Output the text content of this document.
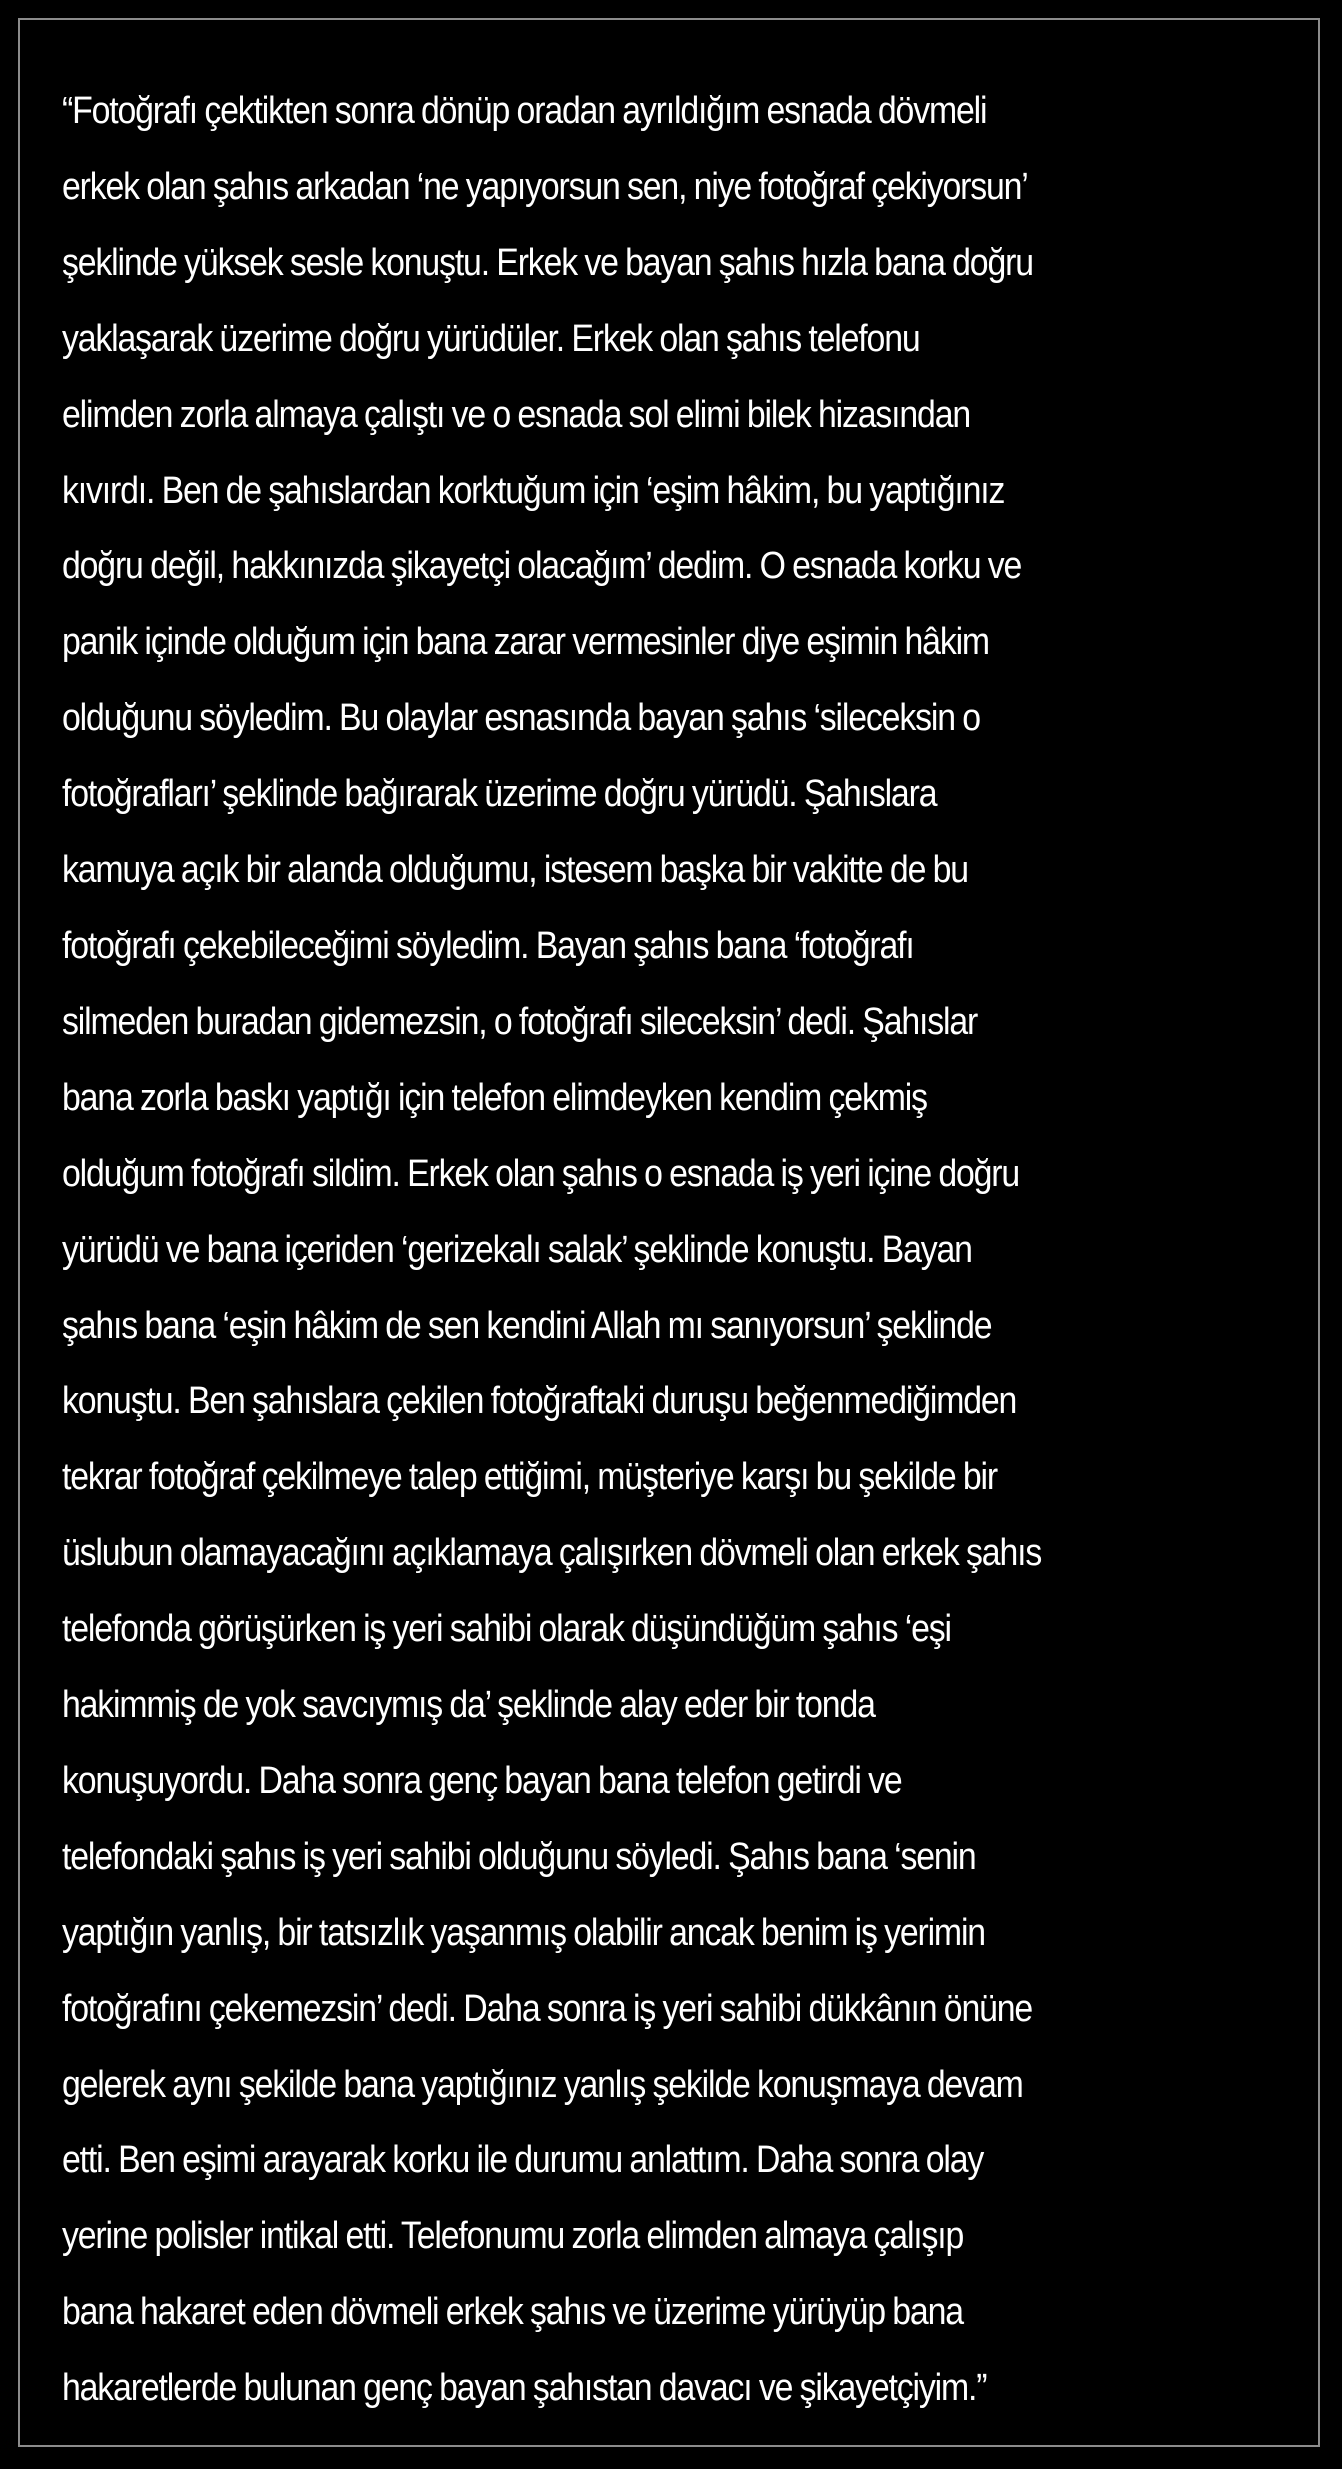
“Fotoğrafı çektikten sonra dönüp oradan ayrıldığım esnada dövmeli
erkek olan şahıs arkadan ‘ne yapıyorsun sen, niye fotoğraf çekiyorsun’
şeklinde yüksek sesle konuştu. Erkek ve bayan şahıs hızla bana doğru
yaklaşarak üzerime doğru yürüdüler. Erkek olan şahıs telefonu
elimden zorla almaya çalıştı ve o esnada sol elimi bilek hizasından
kıvırdı. Ben de şahıslardan korktuğum için ‘eşim hâkim, bu yaptığınız
doğru değil, hakkınızda şikayetçi olacağım’ dedim. O esnada korku ve
panik içinde olduğum için bana zarar vermesinler diye eşimin hâkim
olduğunu söyledim. Bu olaylar esnasında bayan şahıs ‘sileceksin o
fotoğrafları’ şeklinde bağırarak üzerime doğru yürüdü. Şahıslara
kamuya açık bir alanda olduğumu, istesem başka bir vakitte de bu
fotoğrafı çekebileceğimi söyledim. Bayan şahıs bana ‘fotoğrafı
silmeden buradan gidemezsin, o fotoğrafı sileceksin’ dedi. Şahıslar
bana zorla baskı yaptığı için telefon elimdeyken kendim çekmiş
olduğum fotoğrafı sildim. Erkek olan şahıs o esnada iş yeri içine doğru
yürüdü ve bana içeriden ‘gerizekalı salak’ şeklinde konuştu. Bayan
şahıs bana ‘eşin hâkim de sen kendini Allah mı sanıyorsun’ şeklinde
konuştu. Ben şahıslara çekilen fotoğraftaki duruşu beğenmediğimden
tekrar fotoğraf çekilmeye talep ettiğimi, müşteriye karşı bu şekilde bir
üslubun olamayacağını açıklamaya çalışırken dövmeli olan erkek şahıs
telefonda görüşürken iş yeri sahibi olarak düşündüğüm şahıs ‘eşi
hakimmiş de yok savcıymış da’ şeklinde alay eder bir tonda
konuşuyordu. Daha sonra genç bayan bana telefon getirdi ve
telefondaki şahıs iş yeri sahibi olduğunu söyledi. Şahıs bana ‘senin
yaptığın yanlış, bir tatsızlık yaşanmış olabilir ancak benim iş yerimin
fotoğrafını çekemezsin’ dedi. Daha sonra iş yeri sahibi dükkânın önüne
gelerek aynı şekilde bana yaptığınız yanlış şekilde konuşmaya devam
etti. Ben eşimi arayarak korku ile durumu anlattım. Daha sonra olay
yerine polisler intikal etti. Telefonumu zorla elimden almaya çalışıp
bana hakaret eden dövmeli erkek şahıs ve üzerime yürüyüp bana
hakaretlerde bulunan genç bayan şahıstan davacı ve şikayetçiyim.”
